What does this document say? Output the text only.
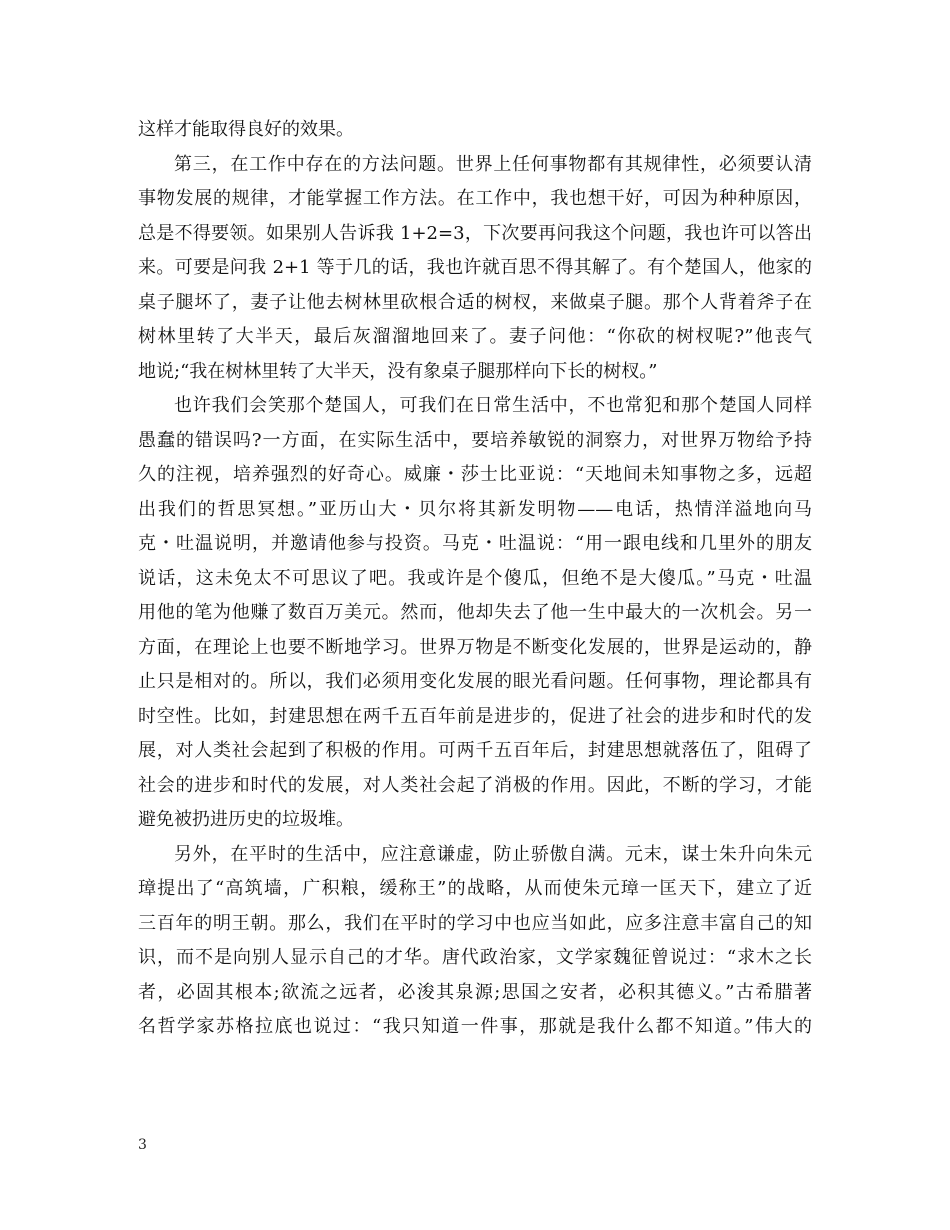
这样才能取得良好的效果。
第三，在工作中存在的方法问题。世界上任何事物都有其规律性，必须要认清
事物发展的规律，才能掌握工作方法。在工作中，我也想干好，可因为种种原因，
总是不得要领。如果别人告诉我 1+2=3，下次要再问我这个问题，我也许可以答出
来。可要是问我 2+1 等于几的话，我也许就百思不得其解了。有个楚国人，他家的
桌子腿坏了，妻子让他去树林里砍根合适的树杈，来做桌子腿。那个人背着斧子在
树林里转了大半天，最后灰溜溜地回来了。妻子问他：“你砍的树杈呢?”他丧气
地说;“我在树林里转了大半天，没有象桌子腿那样向下长的树杈。”
也许我们会笑那个楚国人，可我们在日常生活中，不也常犯和那个楚国人同样
愚蠢的错误吗?一方面，在实际生活中，要培养敏锐的洞察力，对世界万物给予持
久的注视，培养强烈的好奇心。威廉・莎士比亚说：“天地间未知事物之多，远超
出我们的哲思冥想。”亚历山大・贝尔将其新发明物——电话，热情洋溢地向马
克・吐温说明，并邀请他参与投资。马克・吐温说：“用一跟电线和几里外的朋友
说话，这未免太不可思议了吧。我或许是个傻瓜，但绝不是大傻瓜。”马克・吐温
用他的笔为他赚了数百万美元。然而，他却失去了他一生中最大的一次机会。另一
方面，在理论上也要不断地学习。世界万物是不断变化发展的，世界是运动的，静
止只是相对的。所以，我们必须用变化发展的眼光看问题。任何事物，理论都具有
时空性。比如，封建思想在两千五百年前是进步的，促进了社会的进步和时代的发
展，对人类社会起到了积极的作用。可两千五百年后，封建思想就落伍了，阻碍了
社会的进步和时代的发展，对人类社会起了消极的作用。因此，不断的学习，才能
避免被扔进历史的垃圾堆。
另外，在平时的生活中，应注意谦虚，防止骄傲自满。元末，谋士朱升向朱元
璋提出了“高筑墙，广积粮，缓称王”的战略，从而使朱元璋一匡天下，建立了近
三百年的明王朝。那么，我们在平时的学习中也应当如此，应多注意丰富自己的知
识，而不是向别人显示自己的才华。唐代政治家，文学家魏征曾说过：“求木之长
者，必固其根本;欲流之远者，必浚其泉源;思国之安者，必积其德义。”古希腊著
名哲学家苏格拉底也说过：“我只知道一件事，那就是我什么都不知道。”伟大的
3
